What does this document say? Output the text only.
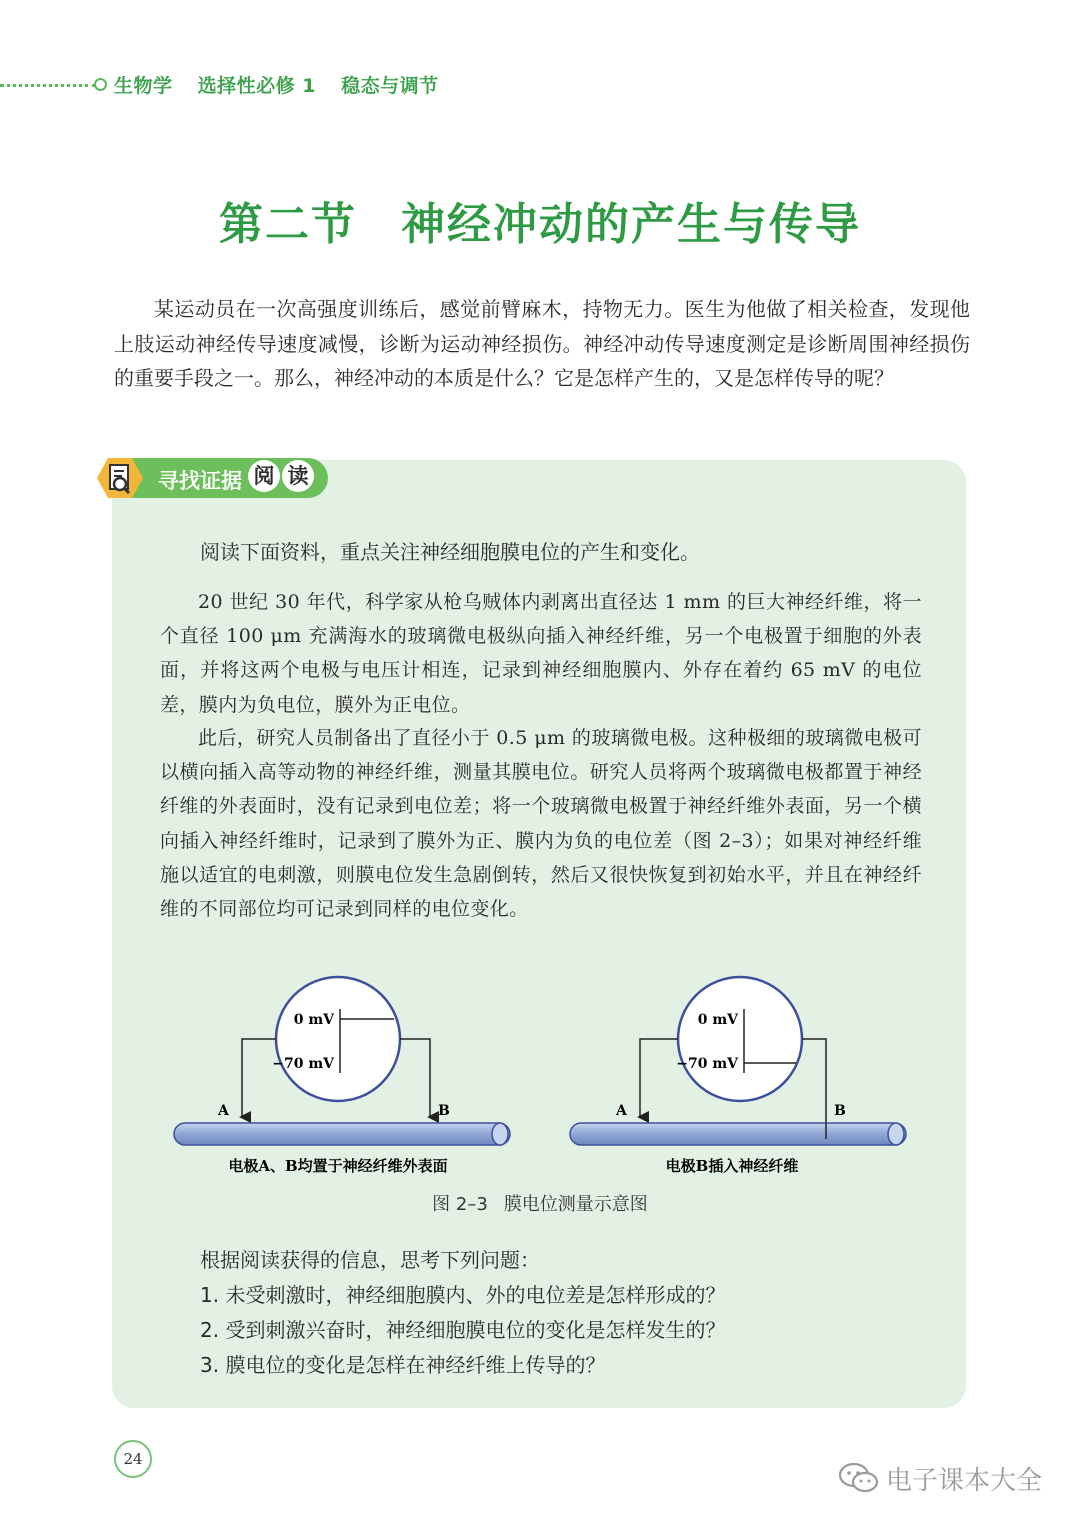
生物学 选择性必修 1 稳态与调节
第二节 神经冲动的产生与传导
某运动员在一次高强度训练后，感觉前臂麻木，持物无力。医生为他做了相关检查，发现他上肢运动神经传导速度减慢，诊断为运动神经损伤。神经冲动传导速度测定是诊断周围神经损伤的重要手段之一。那么，神经冲动的本质是什么？它是怎样产生的，又是怎样传导的呢？
寻找证据 阅 读
阅读下面资料，重点关注神经细胞膜电位的产生和变化。
20 世纪 30 年代，科学家从枪乌贼体内剥离出直径达 1 mm 的巨大神经纤维，将一个直径 100 μm 充满海水的玻璃微电极纵向插入神经纤维，另一个电极置于细胞的外表面，并将这两个电极与电压计相连，记录到神经细胞膜内、外存在着约 65 mV 的电位差，膜内为负电位，膜外为正电位。
此后，研究人员制备出了直径小于 0.5 μm 的玻璃微电极。这种极细的玻璃微电极可以横向插入高等动物的神经纤维，测量其膜电位。研究人员将两个玻璃微电极都置于神经纤维的外表面时，没有记录到电位差；将一个玻璃微电极置于神经纤维外表面，另一个横向插入神经纤维时，记录到了膜外为正、膜内为负的电位差（图 2–3）；如果对神经纤维施以适宜的电刺激，则膜电位发生急剧倒转，然后又很快恢复到初始水平，并且在神经纤维的不同部位均可记录到同样的电位变化。
0 mV
−70 mV
A	B
电极A、B均置于神经纤维外表面
0 mV
−70 mV
A	B
电极B插入神经纤维
图 2–3 膜电位测量示意图
根据阅读获得的信息，思考下列问题：
1. 未受刺激时，神经细胞膜内、外的电位差是怎样形成的？
2. 受到刺激兴奋时，神经细胞膜电位的变化是怎样发生的？
3. 膜电位的变化是怎样在神经纤维上传导的？
24
电子课本大全
